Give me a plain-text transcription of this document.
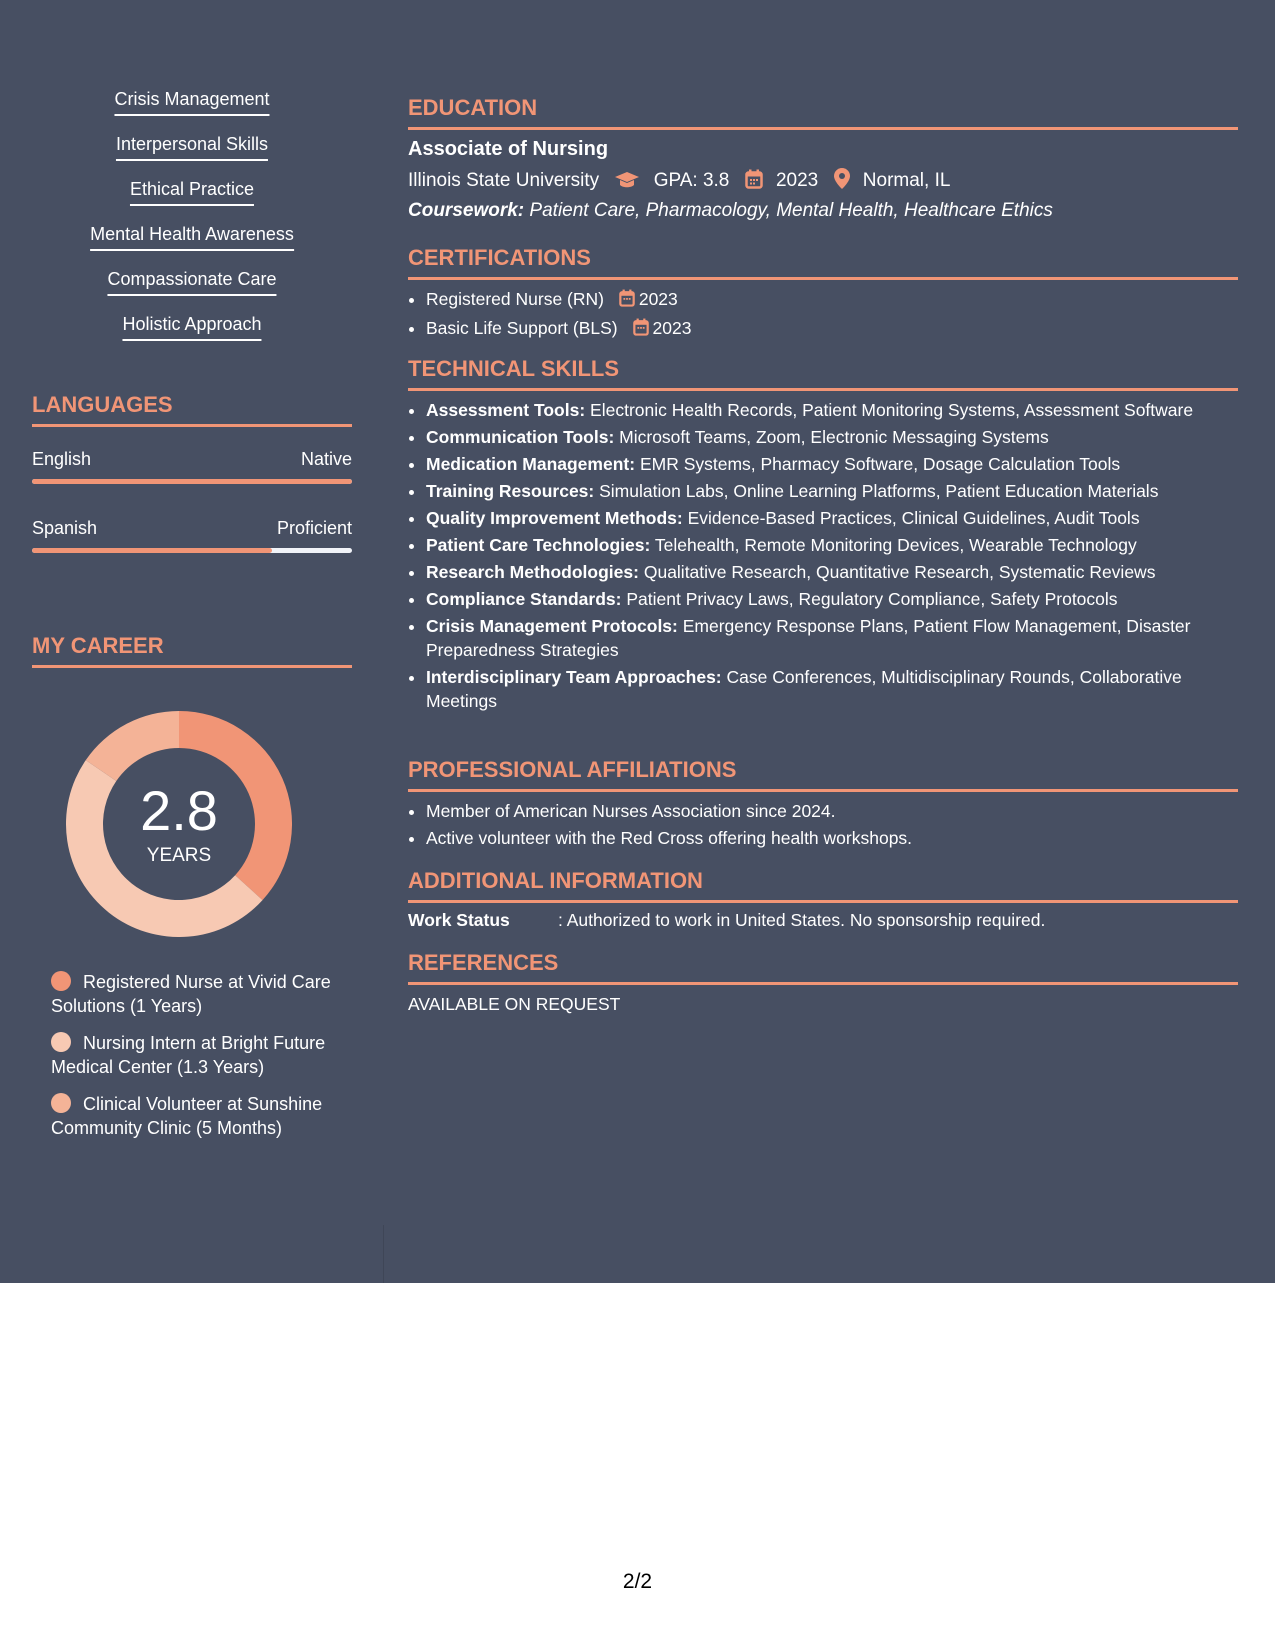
Crisis Management
Interpersonal Skills
Ethical Practice
Mental Health Awareness
Compassionate Care
Holistic Approach
LANGUAGES
English	Native
Spanish	Proficient
MY CAREER
2.8
YEARS
Registered Nurse at Vivid Care Solutions (1 Years)
Nursing Intern at Bright Future Medical Center (1.3 Years)
Clinical Volunteer at Sunshine Community Clinic (5 Months)
EDUCATION
Associate of Nursing
Illinois State University	GPA: 3.8 2023 Normal, IL
Coursework: Patient Care, Pharmacology, Mental Health, Healthcare Ethics
CERTIFICATIONS
• Registered Nurse (RN) 2023
• Basic Life Support (BLS) 2023
TECHNICAL SKILLS
• Assessment Tools: Electronic Health Records, Patient Monitoring Systems, Assessment Software
• Communication Tools: Microsoft Teams, Zoom, Electronic Messaging Systems
• Medication Management: EMR Systems, Pharmacy Software, Dosage Calculation Tools
• Training Resources: Simulation Labs, Online Learning Platforms, Patient Education Materials
• Quality Improvement Methods: Evidence-Based Practices, Clinical Guidelines, Audit Tools
• Patient Care Technologies: Telehealth, Remote Monitoring Devices, Wearable Technology
• Research Methodologies: Qualitative Research, Quantitative Research, Systematic Reviews
• Compliance Standards: Patient Privacy Laws, Regulatory Compliance, Safety Protocols
• Crisis Management Protocols: Emergency Response Plans, Patient Flow Management, Disaster Preparedness Strategies
• Interdisciplinary Team Approaches: Case Conferences, Multidisciplinary Rounds, Collaborative Meetings
PROFESSIONAL AFFILIATIONS
• Member of American Nurses Association since 2024.
• Active volunteer with the Red Cross offering health workshops.
ADDITIONAL INFORMATION
Work Status	: Authorized to work in United States. No sponsorship required.
REFERENCES
AVAILABLE ON REQUEST
2/2
